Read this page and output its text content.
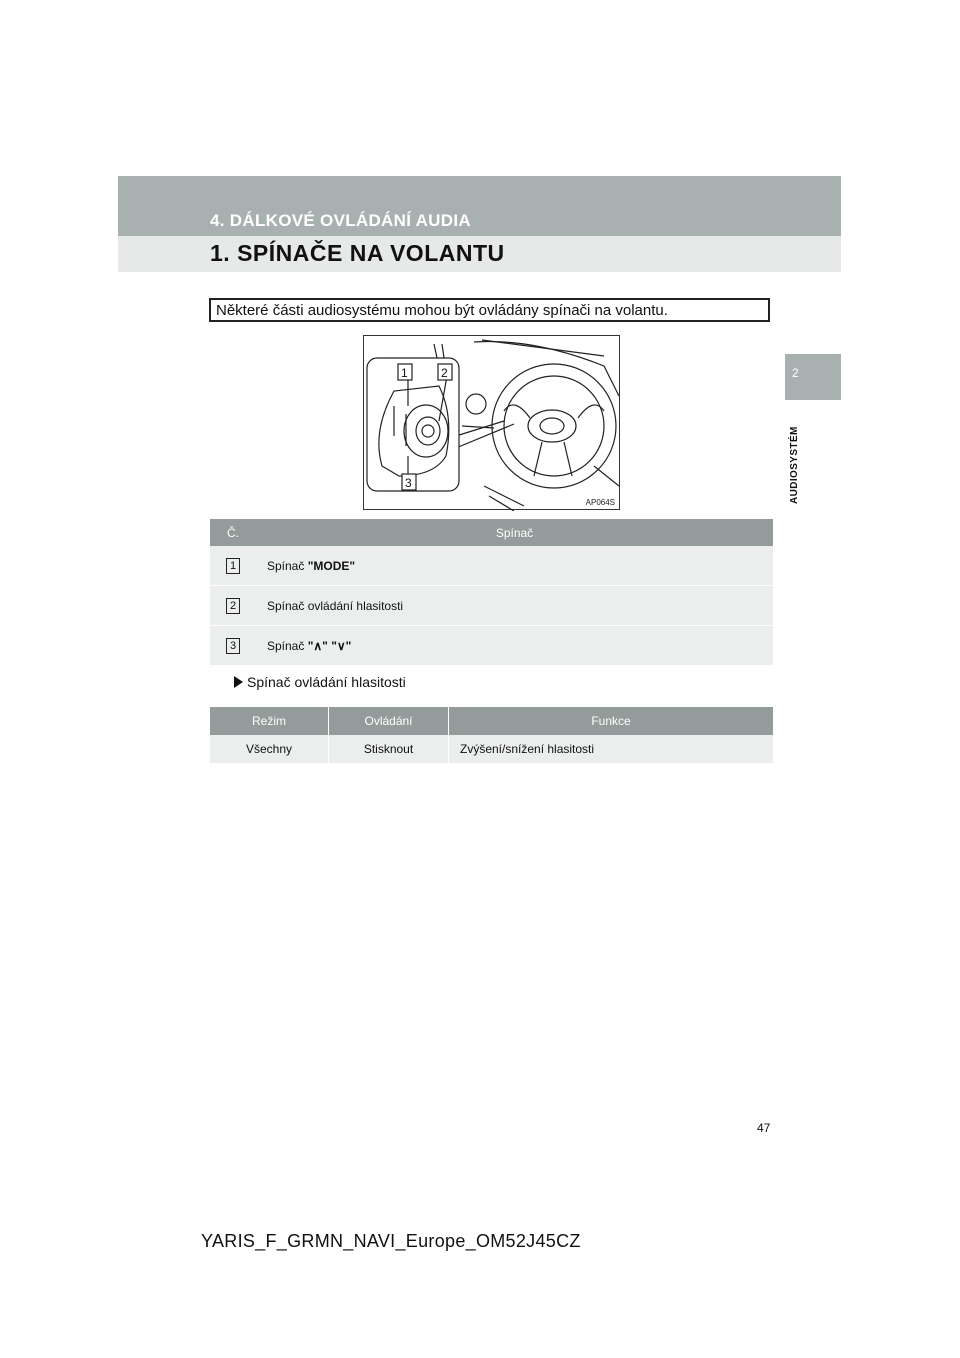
4. DÁLKOVÉ OVLÁDÁNÍ AUDIA
1. SPÍNAČE NA VOLANTU
2
AUDIOSYSTÉM
Některé části audiosystému mohou být ovládány spínači na volantu.
1	2
3
AP064S
Č.	Spínač
1	Spínač "MODE"
2	Spínač ovládání hlasitosti
3	Spínač "∧" "∨"
Spínač ovládání hlasitosti
Režim	Ovládání	Funkce
Všechny	Stisknout	Zvýšení/snížení hlasitosti
47
YARIS_F_GRMN_NAVI_Europe_OM52J45CZ
